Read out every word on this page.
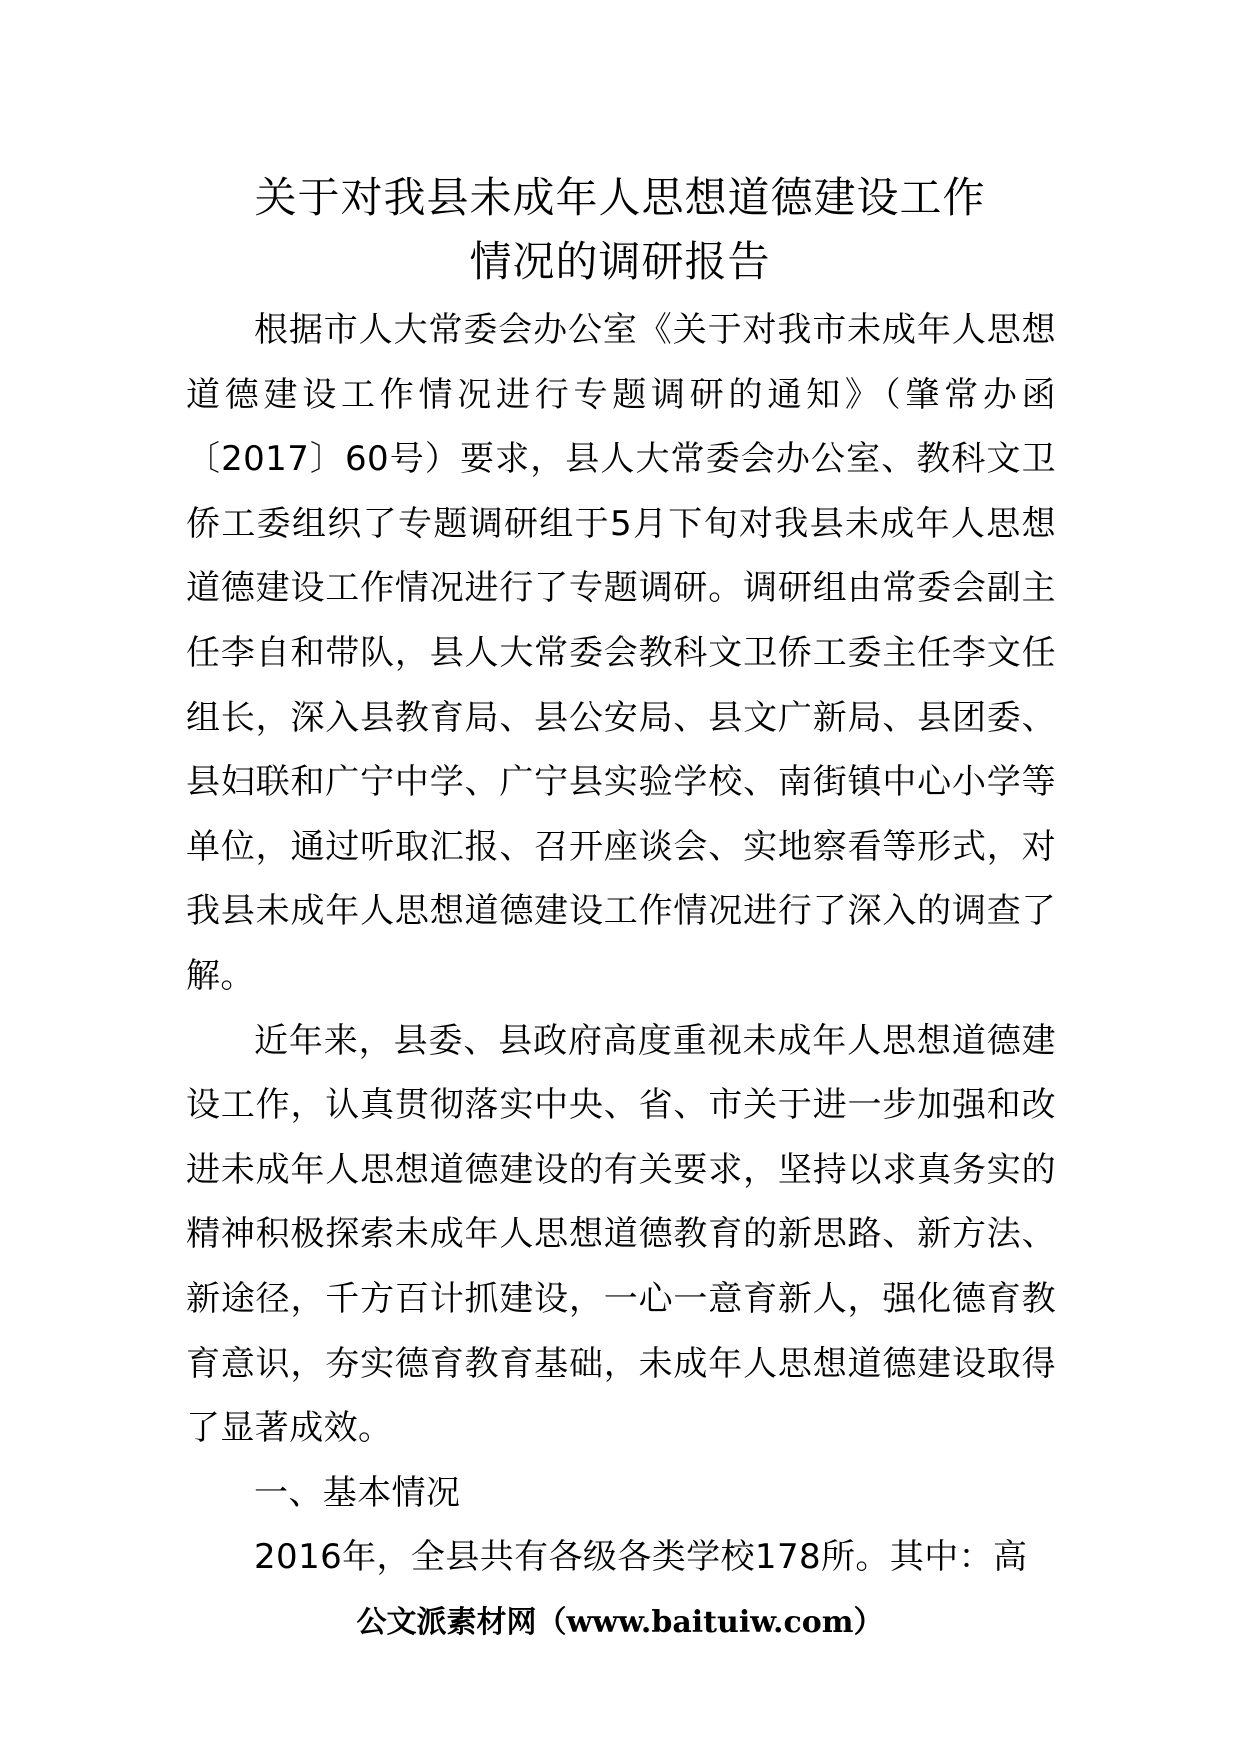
关于对我县未成年人思想道德建设工作
情况的调研报告

根据市人大常委会办公室《关于对我市未成年人思想道德建设工作情况进行专题调研的通知》（肇常办函〔2017〕60号）要求，县人大常委会办公室、教科文卫侨工委组织了专题调研组于5月下旬对我县未成年人思想道德建设工作情况进行了专题调研。调研组由常委会副主任李自和带队，县人大常委会教科文卫侨工委主任李文任组长，深入县教育局、县公安局、县文广新局、县团委、县妇联和广宁中学、广宁县实验学校、南街镇中心小学等单位，通过听取汇报、召开座谈会、实地察看等形式，对我县未成年人思想道德建设工作情况进行了深入的调查了解。

近年来，县委、县政府高度重视未成年人思想道德建设工作，认真贯彻落实中央、省、市关于进一步加强和改进未成年人思想道德建设的有关要求，坚持以求真务实的精神积极探索未成年人思想道德教育的新思路、新方法、新途径，千方百计抓建设，一心一意育新人，强化德育教育意识，夯实德育教育基础，未成年人思想道德建设取得了显著成效。

一、基本情况

2016年，全县共有各级各类学校178所。其中：高

公文派素材网（www.baituiw.com）
